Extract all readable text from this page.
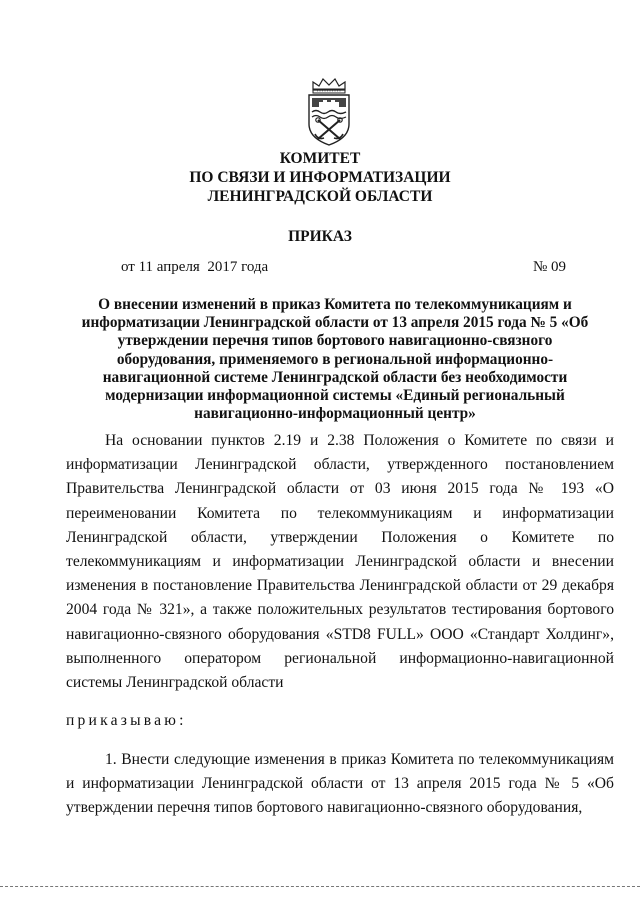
КОМИТЕТ
ПО СВЯЗИ И ИНФОРМАТИЗАЦИИ
ЛЕНИНГРАДСКОЙ ОБЛАСТИ
ПРИКАЗ
от 11 апреля  2017 года	№ 09

О внесении изменений в приказ Комитета по телекоммуникациям и информатизации Ленинградской области от 13 апреля 2015 года № 5 «Об утверждении перечня типов бортового навигационно-связного оборудования, применяемого в региональной информационно-навигационной системе Ленинградской области без необходимости модернизации информационной системы «Единый региональный навигационно-информационный центр»

На основании пунктов 2.19 и 2.38 Положения о Комитете по связи и информатизации Ленинградской области, утвержденного постановлением Правительства Ленинградской области от 03 июня 2015 года № 193 «О переименовании Комитета по телекоммуникациям и информатизации Ленинградской области, утверждении Положения о Комитете по телекоммуникациям и информатизации Ленинградской области и внесении изменения в постановление Правительства Ленинградской области от 29 декабря 2004 года № 321», а также положительных результатов тестирования бортового навигационно-связного оборудования «STD8 FULL» ООО «Стандарт Холдинг», выполненного оператором региональной информационно-навигационной системы Ленинградской области

приказываю:

1. Внести следующие изменения в приказ Комитета по телекоммуникациям и информатизации Ленинградской области от 13 апреля 2015 года № 5 «Об утверждении перечня типов бортового навигационно-связного оборудования,
